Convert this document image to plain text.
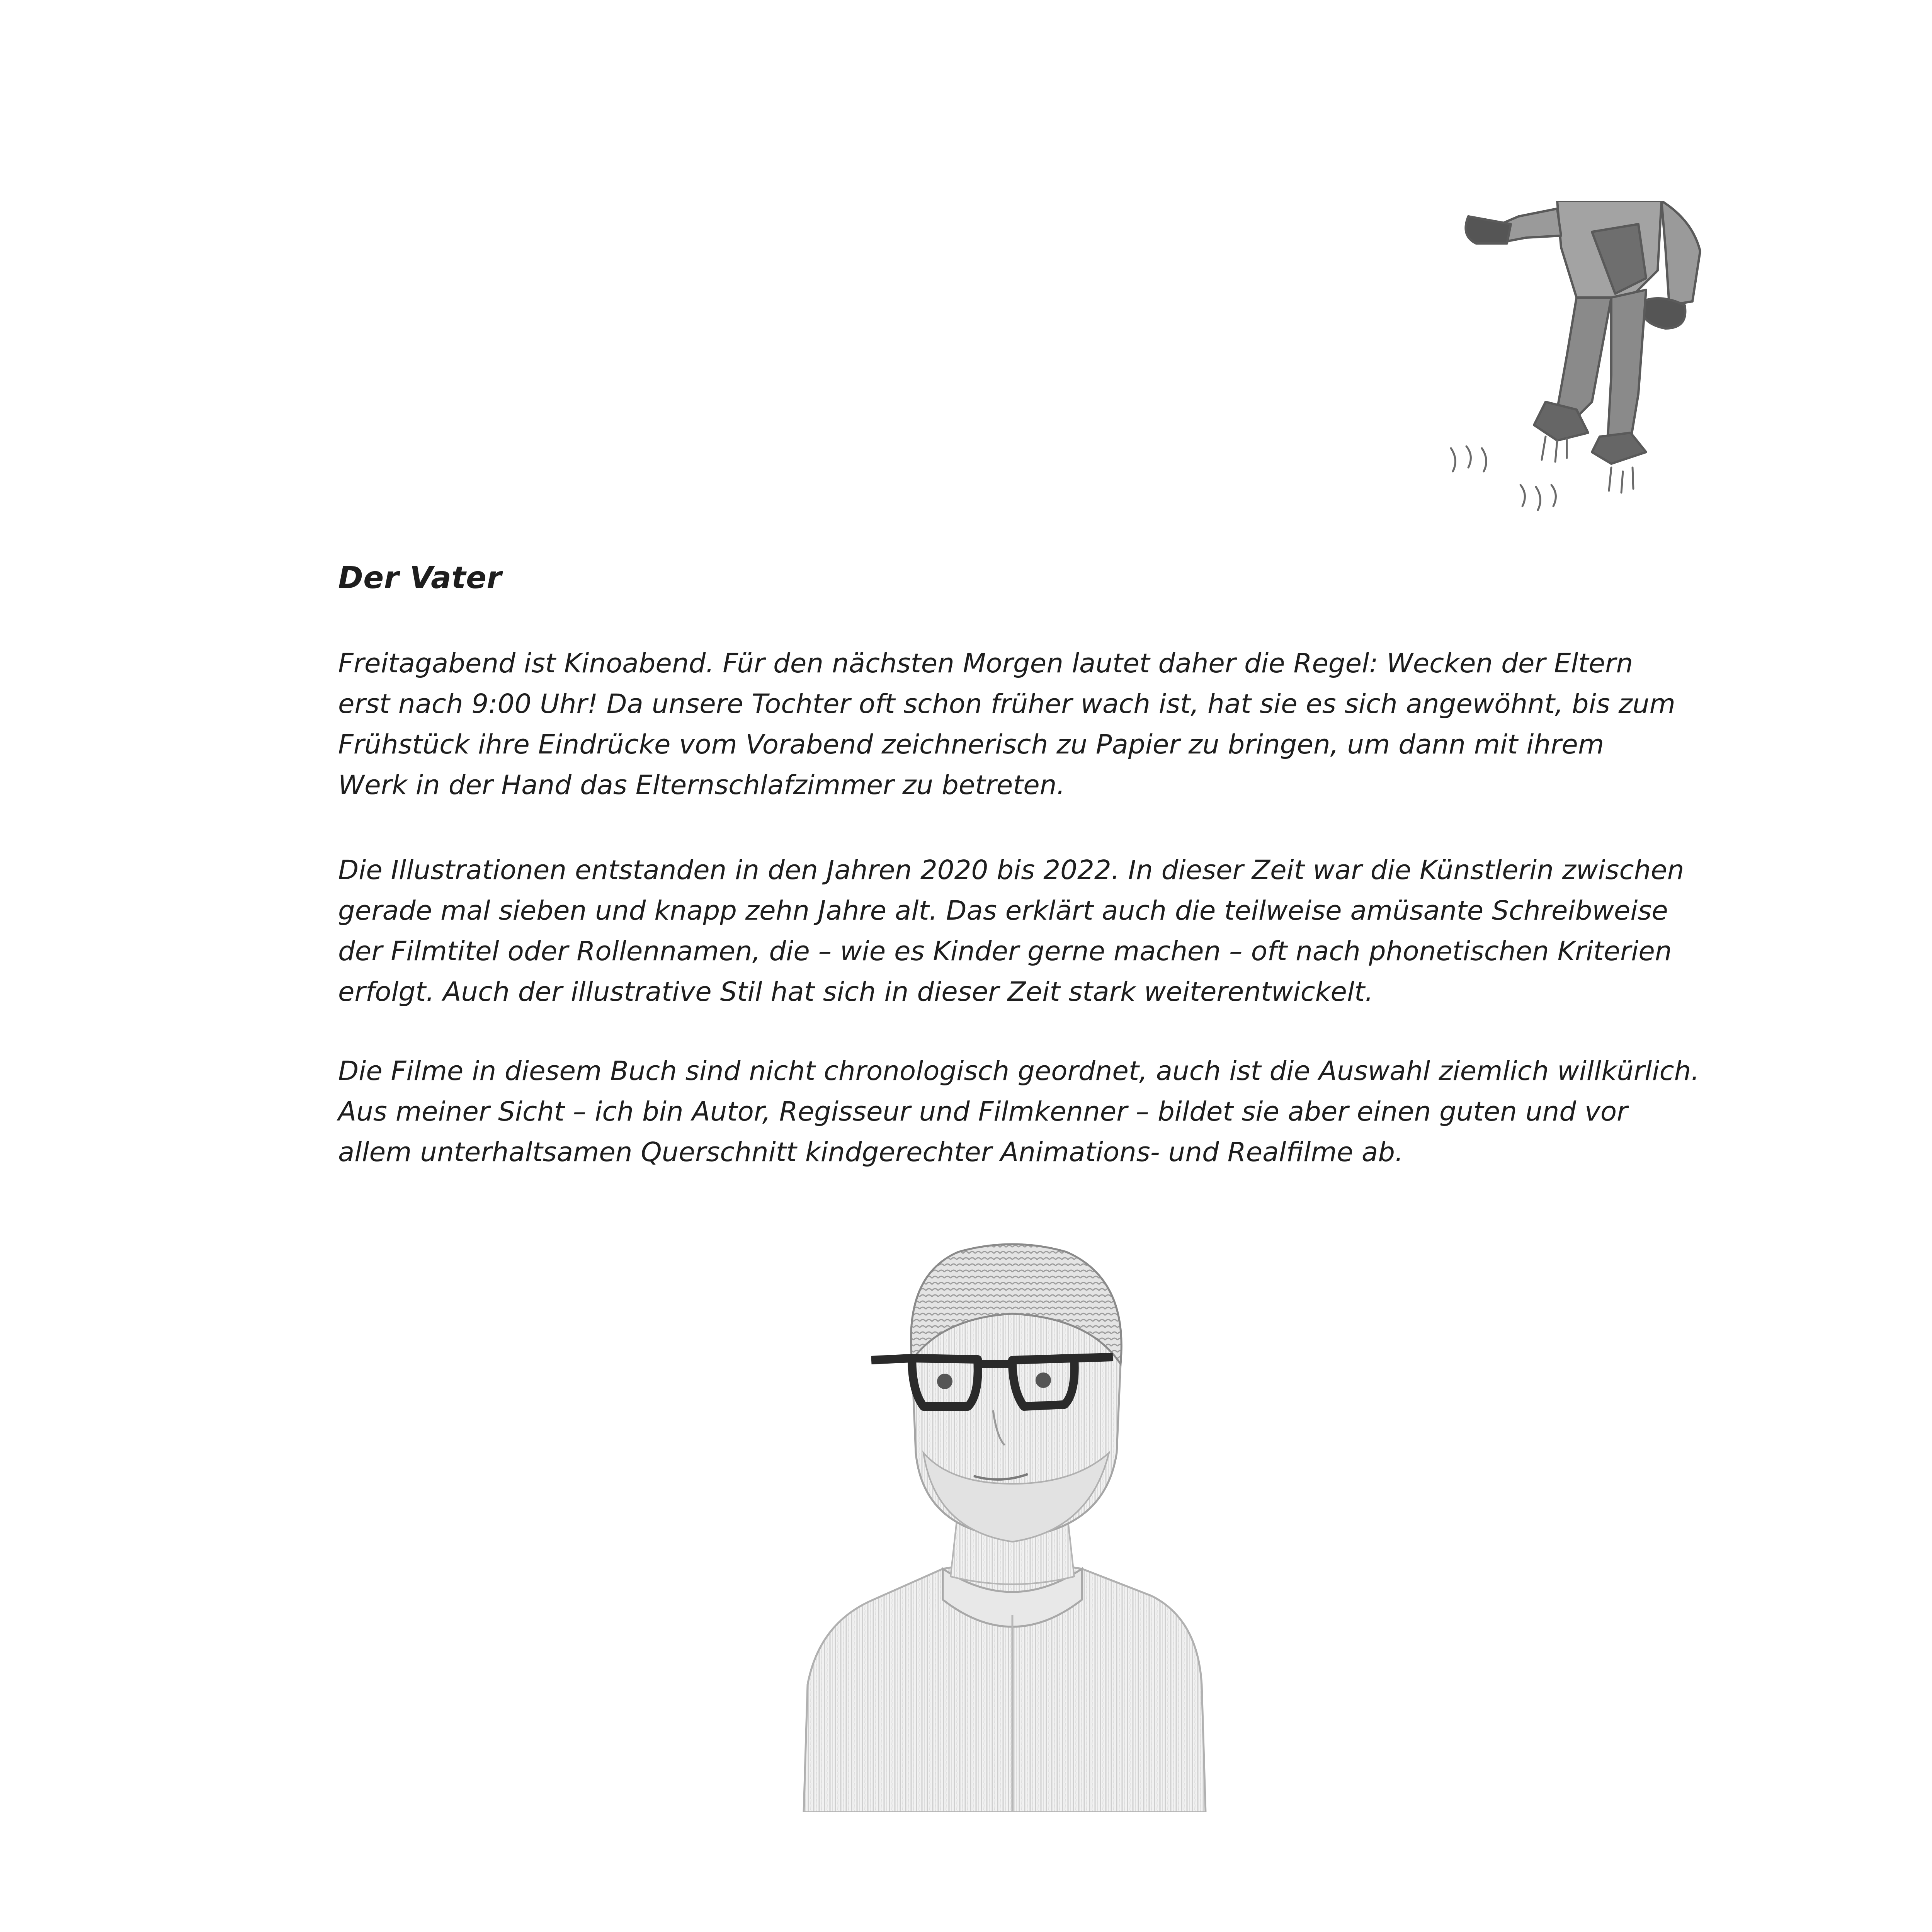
Der Vater

Freitagabend ist Kinoabend. Für den nächsten Morgen lautet daher die Regel: Wecken der Eltern
erst nach 9:00 Uhr! Da unsere Tochter oft schon früher wach ist, hat sie es sich angewöhnt, bis zum
Frühstück ihre Eindrücke vom Vorabend zeichnerisch zu Papier zu bringen, um dann mit ihrem
Werk in der Hand das Elternschlafzimmer zu betreten.

Die Illustrationen entstanden in den Jahren 2020 bis 2022. In dieser Zeit war die Künstlerin zwischen
gerade mal sieben und knapp zehn Jahre alt. Das erklärt auch die teilweise amüsante Schreibweise
der Filmtitel oder Rollennamen, die – wie es Kinder gerne machen – oft nach phonetischen Kriterien
erfolgt. Auch der illustrative Stil hat sich in dieser Zeit stark weiterentwickelt.

Die Filme in diesem Buch sind nicht chronologisch geordnet, auch ist die Auswahl ziemlich willkürlich.
Aus meiner Sicht – ich bin Autor, Regisseur und Filmkenner – bildet sie aber einen guten und vor
allem unterhaltsamen Querschnitt kindgerechter Animations- und Realfilme ab.
